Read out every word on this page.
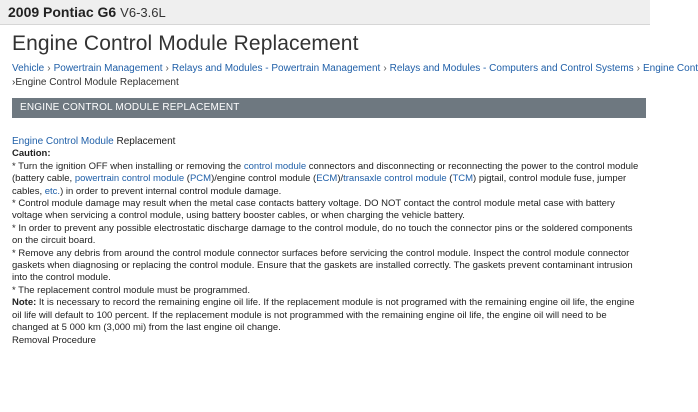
2009 Pontiac G6 V6-3.6L
Engine Control Module Replacement
Vehicle › Powertrain Management › Relays and Modules - Powertrain Management › Relays and Modules - Computers and Control Systems › Engine Cont
›Engine Control Module Replacement
ENGINE CONTROL MODULE REPLACEMENT

Engine Control Module Replacement

Caution:

* Turn the ignition OFF when installing or removing the control module connectors and disconnecting or reconnecting the power to the control module (battery cable, powertrain control module (PCM)/engine control module (ECM)/transaxle control module (TCM) pigtail, control module fuse, jumper cables, etc.) in order to prevent internal control module damage.

* Control module damage may result when the metal case contacts battery voltage. DO NOT contact the control module metal case with battery voltage when servicing a control module, using battery booster cables, or when charging the vehicle battery.

* In order to prevent any possible electrostatic discharge damage to the control module, do no touch the connector pins or the soldered components on the circuit board.

* Remove any debris from around the control module connector surfaces before servicing the control module. Inspect the control module connector gaskets when diagnosing or replacing the control module. Ensure that the gaskets are installed correctly. The gaskets prevent contaminant intrusion into the control module.

* The replacement control module must be programmed.

Note: It is necessary to record the remaining engine oil life. If the replacement module is not programed with the remaining engine oil life, the engine oil life will default to 100 percent. If the replacement module is not programmed with the remaining engine oil life, the engine oil will need to be changed at 5 000 km (3,000 mi) from the last engine oil change.

Removal Procedure
